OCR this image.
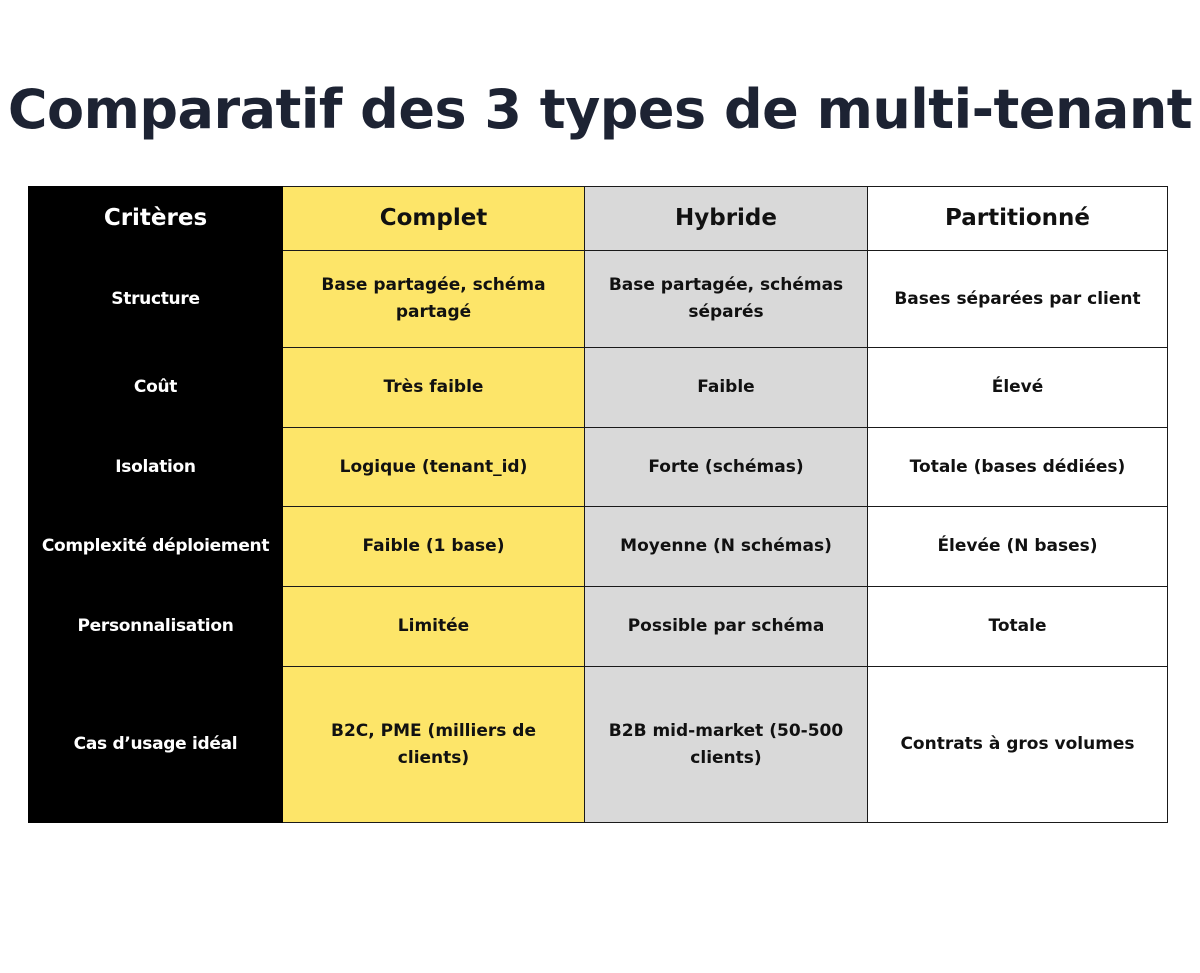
Comparatif des 3 types de multi-tenant
Critères	Complet	Hybride	Partitionné
Structure	Base partagée, schéma partagé	Base partagée, schémas séparés	Bases séparées par client
Coût	Très faible	Faible	Élevé
Isolation	Logique (tenant_id)	Forte (schémas)	Totale (bases dédiées)
Complexité déploiement	Faible (1 base)	Moyenne (N schémas)	Élevée (N bases)
Personnalisation	Limitée	Possible par schéma	Totale
Cas d’usage idéal	B2C, PME (milliers de clients)	B2B mid-market (50-500 clients)	Contrats à gros volumes
